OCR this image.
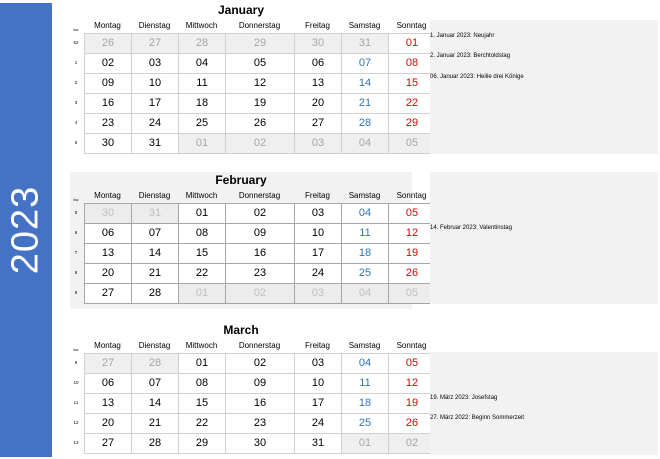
2023
January
kw	Montag	Dienstag	Mittwoch	Donnerstag	Freitag	Samstag	Sonntag
52	26	27	28	29	30	31	01
1	02	03	04	05	06	07	08
2	09	10	11	12	13	14	15
3	16	17	18	19	20	21	22
4	23	24	25	26	27	28	29
5	30	31	01	02	03	04	05
1. Januar 2023: Neujahr
2. Januar 2023: Berchtoldstag
06. Januar 2023: Heilie drei Könige
February
kw	Montag	Dienstag	Mittwoch	Donnerstag	Freitag	Samstag	Sonntag
5	30	31	01	02	03	04	05
6	06	07	08	09	10	11	12
7	13	14	15	16	17	18	19
8	20	21	22	23	24	25	26
9	27	28	01	02	03	04	05
14. Februar 2023: Valentinstag
March
kw	Montag	Dienstag	Mittwoch	Donnerstag	Freitag	Samstag	Sonntag
9	27	28	01	02	03	04	05
10	06	07	08	09	10	11	12
11	13	14	15	16	17	18	19
12	20	21	22	23	24	25	26
13	27	28	29	30	31	01	02
19. März 2023: Josefstag
27. März 2022: Beginn Sommerzeit
